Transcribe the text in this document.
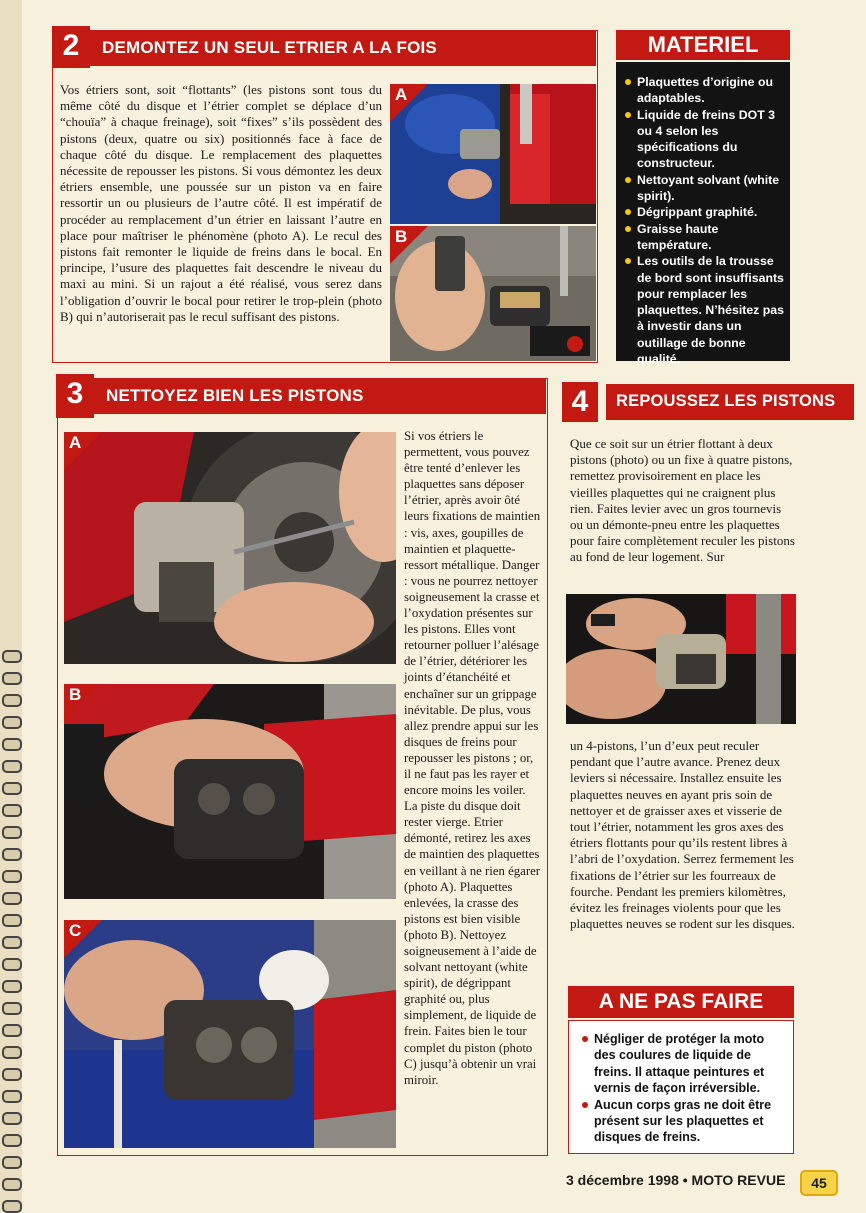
DEMONTEZ UN SEUL ETRIER A LA FOIS
2

Vos étriers sont, soit “flottants” (les pistons sont tous du même côté du disque et l’étrier complet se déplace d’un “chouïa” à chaque freinage), soit “fixes” s’ils possèdent des pistons (deux, quatre ou six) positionnés face à face de chaque côté du disque. Le remplacement des plaquettes nécessite de repousser les pistons. Si vous démontez les deux étriers ensemble, une poussée sur un piston va en faire ressortir un ou plusieurs de l’autre côté. Il est impératif de procéder au remplacement d’un étrier en laissant l’autre en place pour maîtriser le phénomène (photo A). Le recul des pistons fait remonter le liquide de freins dans le bocal. En principe, l’usure des plaquettes fait descendre le niveau du maxi au mini. Si un rajout a été réalisé, vous serez dans l’obligation d’ouvrir le bocal pour retirer le trop-plein (photo B) qui n’autoriserait pas le recul suffisant des pistons.

A
B
MATERIEL
Plaquettes d’origine ou adaptables.
Liquide de freins DOT 3 ou 4 selon les spécifications du constructeur.
Nettoyant solvant (white spirit).
Dégrippant graphité.
Graisse haute température.
Les outils de la trousse de bord sont insuffisants pour remplacer les plaquettes. N’hésitez pas à investir dans un outillage de bonne qualité.
NETTOYEZ BIEN LES PISTONS
3
A
B
C

Si vos étriers le permettent, vous pouvez être tenté d’enlever les plaquettes sans déposer l’étrier, après avoir ôté leurs fixations de maintien : vis, axes, goupilles de maintien et plaquette-ressort métallique. Danger : vous ne pourrez nettoyer soigneusement la crasse et l’oxydation présentes sur les pistons. Elles vont retourner polluer l’alésage de l’étrier, détériorer les joints d’étanchéité et enchaîner sur un grippage inévitable. De plus, vous allez prendre appui sur les disques de freins pour repousser les pistons ; or, il ne faut pas les rayer et encore moins les voiler. La piste du disque doit rester vierge. Etrier démonté, retirez les axes de maintien des plaquettes en veillant à ne rien égarer (photo A). Plaquettes enlevées, la crasse des pistons est bien visible (photo B). Nettoyez soigneusement à l’aide de solvant nettoyant (white spirit), de dégrippant graphité ou, plus simplement, de liquide de frein. Faites bien le tour complet du piston (photo C) jusqu’à obtenir un vrai miroir.

4	REPOUSSEZ LES PISTONS

Que ce soit sur un étrier flottant à deux pistons (photo) ou un fixe à quatre pistons, remettez provisoirement en place les vieilles plaquettes qui ne craignent plus rien. Faites levier avec un gros tournevis ou un démonte-pneu entre les plaquettes pour faire complètement reculer les pistons au fond de leur logement. Sur

un 4-pistons, l’un d’eux peut reculer pendant que l’autre avance. Prenez deux leviers si nécessaire. Installez ensuite les plaquettes neuves en ayant pris soin de nettoyer et de graisser axes et visserie de tout l’étrier, notamment les gros axes des étriers flottants pour qu’ils restent libres à l’abri de l’oxydation. Serrez fermement les fixations de l’étrier sur les fourreaux de fourche. Pendant les premiers kilomètres, évitez les freinages violents pour que les plaquettes neuves se rodent sur les disques.

A NE PAS FAIRE
Négliger de protéger la moto des coulures de liquide de freins. Il attaque peintures et vernis de façon irréversible.
Aucun corps gras ne doit être présent sur les plaquettes et disques de freins.
3 décembre 1998 • MOTO REVUE	45
